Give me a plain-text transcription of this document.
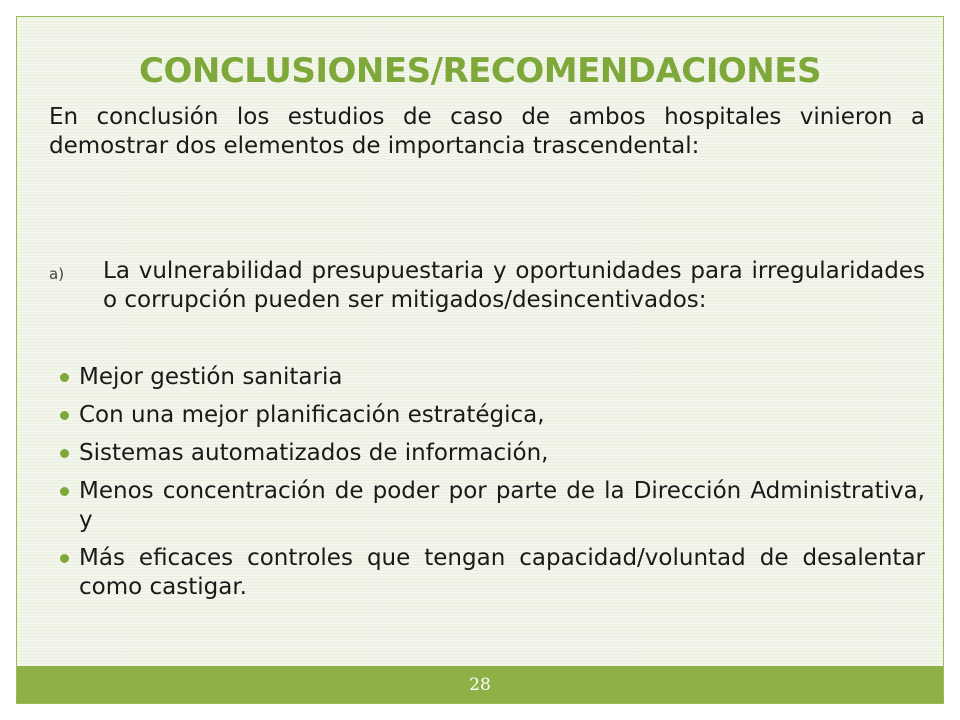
CONCLUSIONES/RECOMENDACIONES
En conclusión los estudios de caso de ambos hospitales vinieron a demostrar dos elementos de importancia trascendental:
a)	La vulnerabilidad presupuestaria y oportunidades para irregularidades o corrupción pueden ser mitigados/desincentivados:
Mejor gestión sanitaria
Con una mejor planificación estratégica,
Sistemas automatizados de información,
Menos concentración de poder por parte de la Dirección Administrativa, y
Más eficaces controles que tengan capacidad/voluntad de desalentar como castigar.
28
